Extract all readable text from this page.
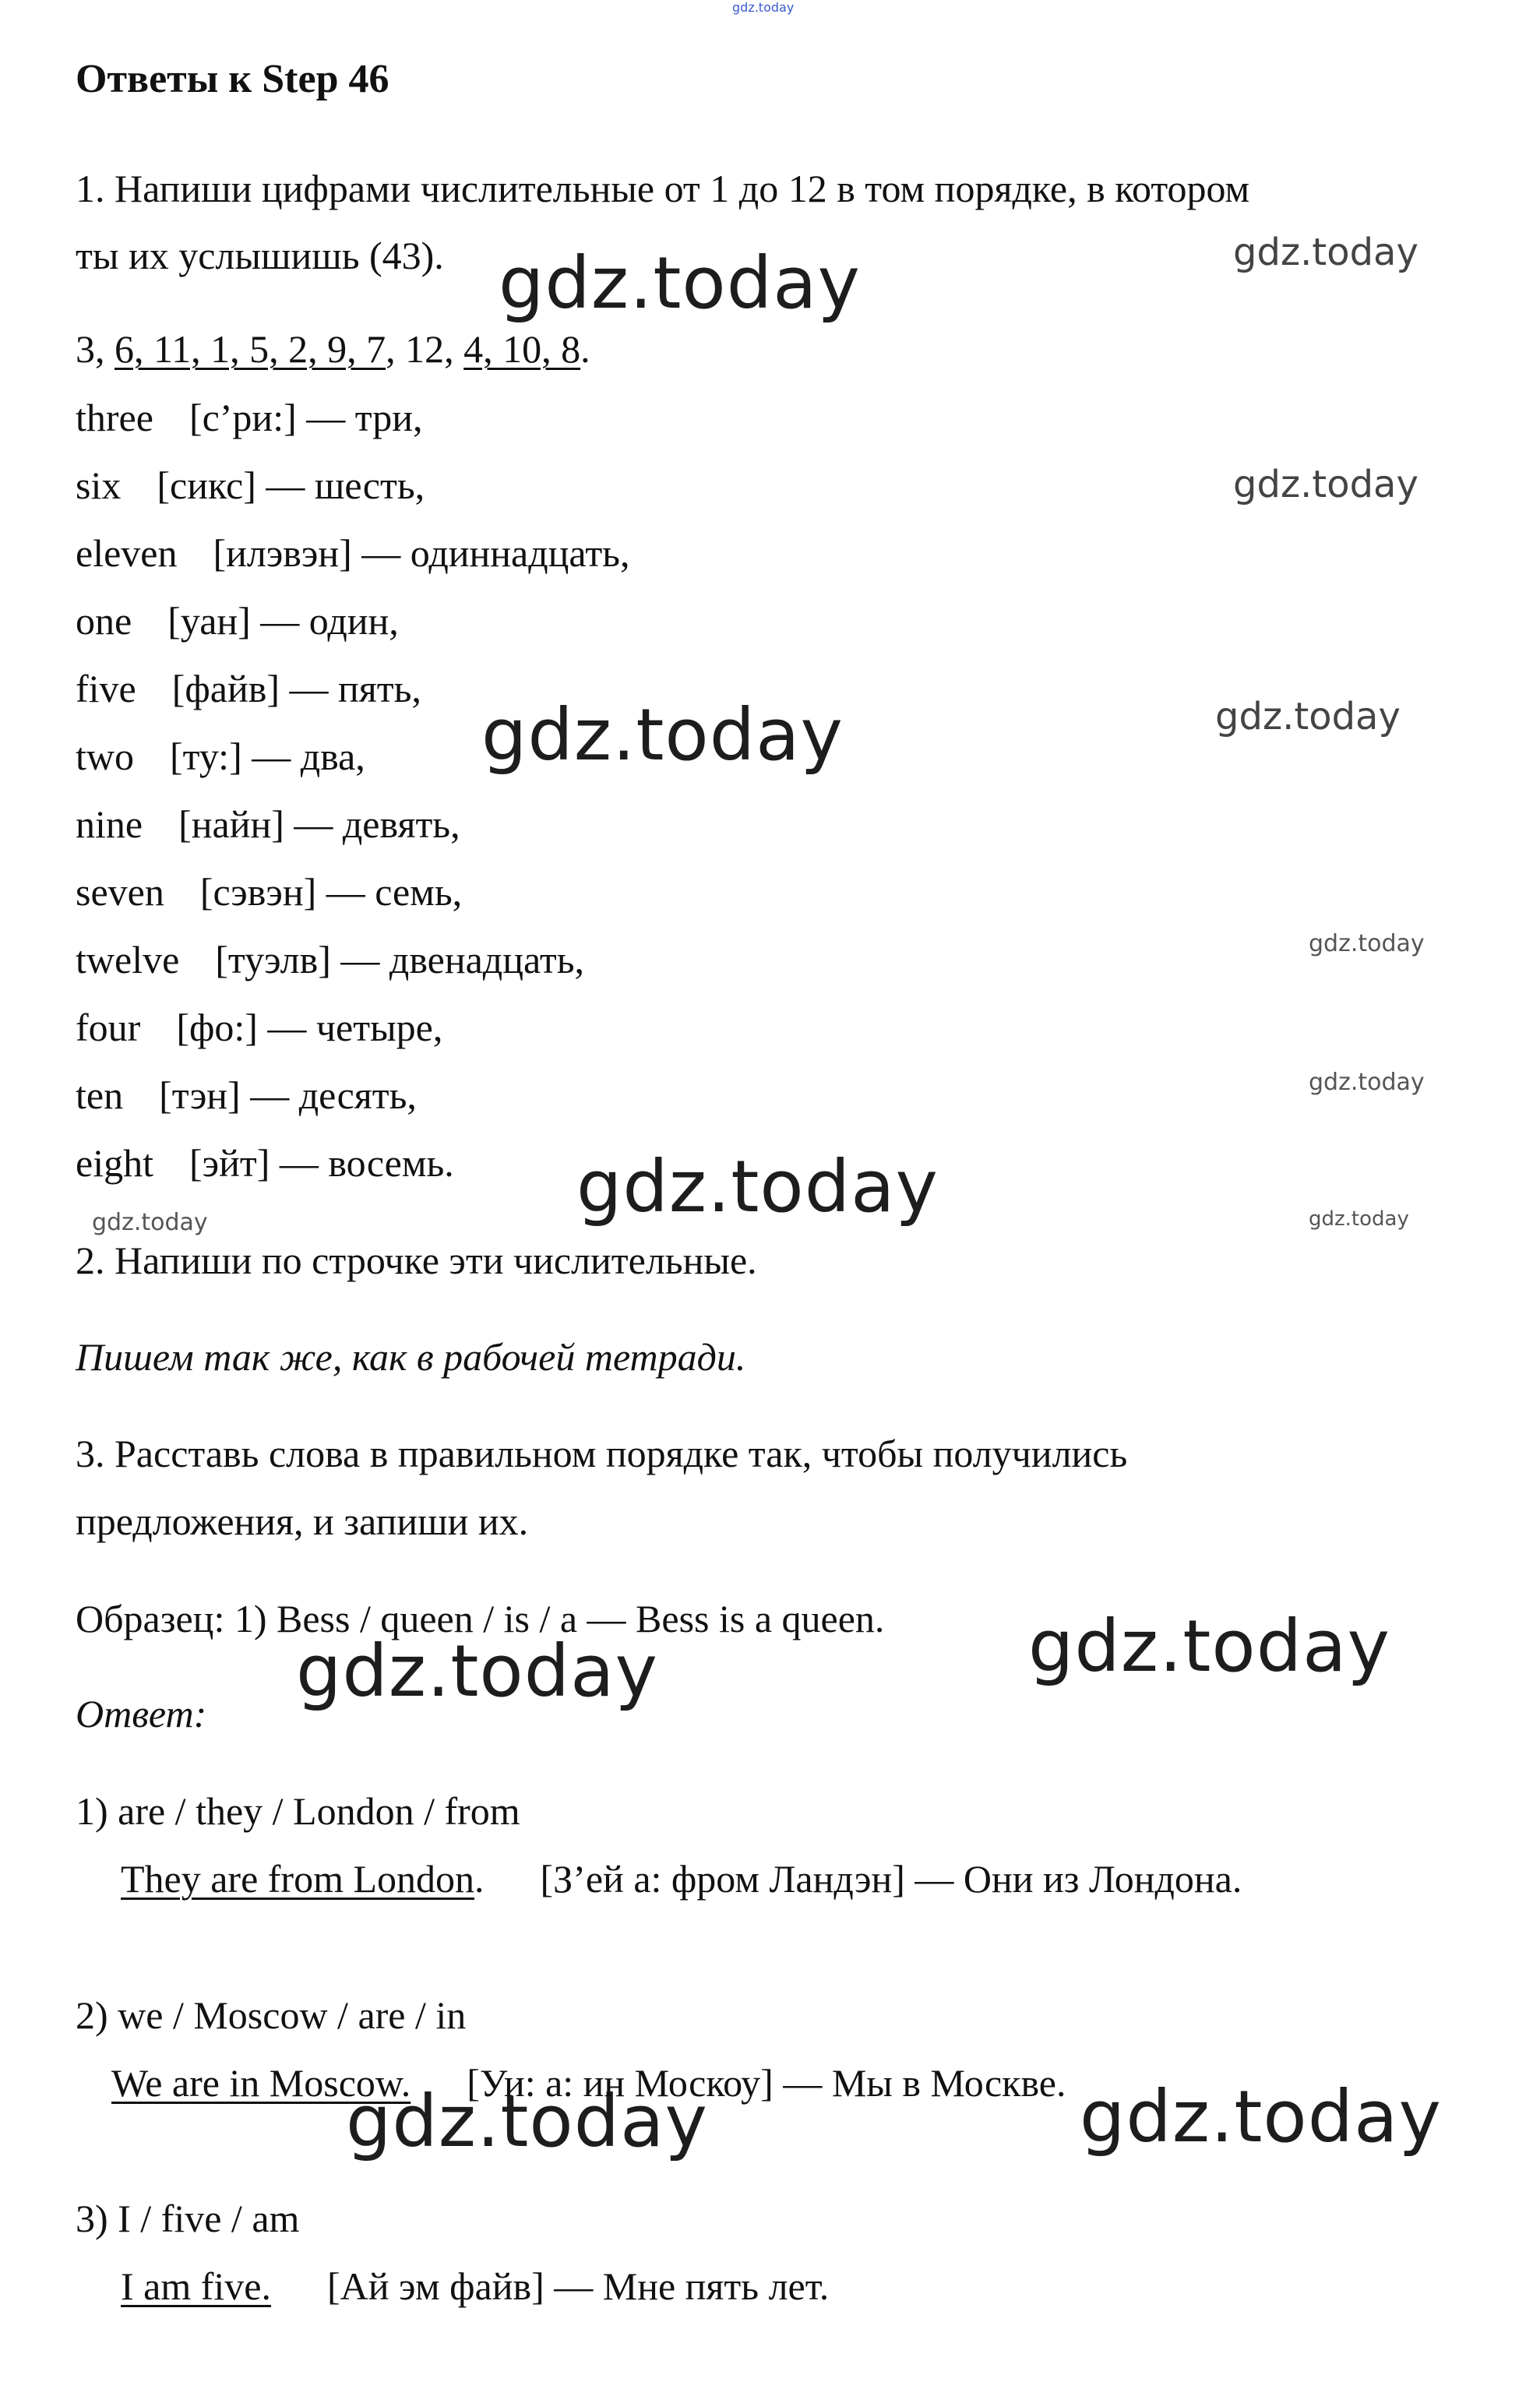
gdz.today
gdz.today
gdz.today
gdz.today
gdz.today	gdz.today
gdz.today
gdz.today
gdz.today
gdz.today	gdz.today
gdz.today
gdz.today
gdz.today	gdz.today
Ответы к Step 46
1. Напиши цифрами числительные от 1 до 12 в том порядке, в котором
ты их услышишь (43).
3, 6, 11, 1, 5, 2, 9, 7, 12, 4, 10, 8.
three [с’ри:] — три,
six [сикс] — шесть,
eleven [илэвэн] — одиннадцать,
one [уан] — один,
five [файв] — пять,
two [ту:] — два,
nine [найн] — девять,
seven [сэвэн] — семь,
twelve [туэлв] — двенадцать,
four [фо:] — четыре,
ten [тэн] — десять,
eight [эйт] — восемь.
2. Напиши по строчке эти числительные.
Пишем так же, как в рабочей тетради.
3. Расставь слова в правильном порядке так, чтобы получились
предложения, и запиши их.
Образец: 1) Bess / queen / is / a — Bess is a queen.
Ответ:
1) are / they / London / from
They are from London. [З’ей а: фром Ландэн] — Они из Лондона.
2) we / Moscow / are / in
We are in Moscow. [Уи: а: ин Москоу] — Мы в Москве.
3) I / five / am
I am five. [Ай эм файв] — Мне пять лет.
